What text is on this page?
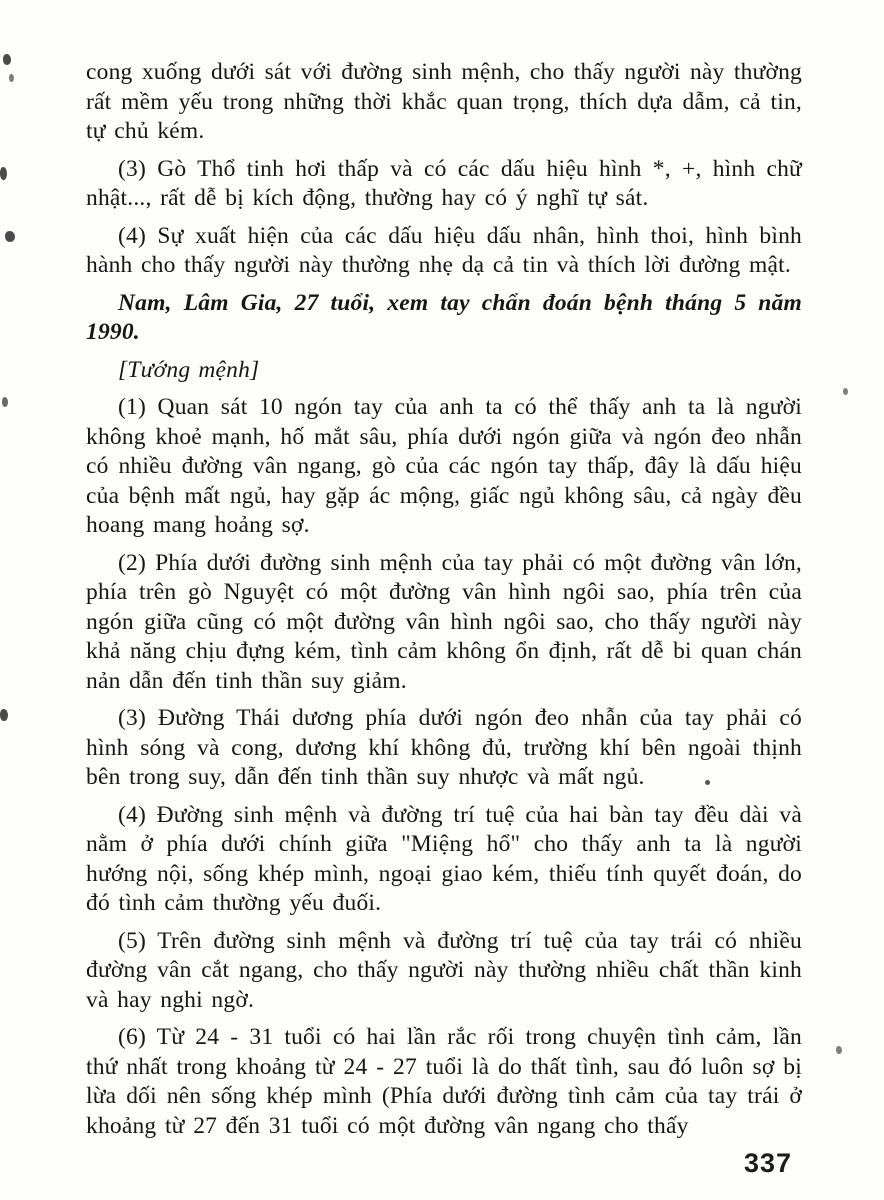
cong xuống dưới sát với đường sinh mệnh, cho thấy người này thường rất mềm yếu trong những thời khắc quan trọng, thích dựa dẫm, cả tin, tự chủ kém.

(3) Gò Thổ tinh hơi thấp và có các dấu hiệu hình *, +, hình chữ nhật..., rất dễ bị kích động, thường hay có ý nghĩ tự sát.

(4) Sự xuất hiện của các dấu hiệu dấu nhân, hình thoi, hình bình hành cho thấy người này thường nhẹ dạ cả tin và thích lời đường mật.

Nam, Lâm Gia, 27 tuổi, xem tay chẩn đoán bệnh tháng 5 năm 1990.

[Tướng mệnh]

(1) Quan sát 10 ngón tay của anh ta có thể thấy anh ta là người không khoẻ mạnh, hố mắt sâu, phía dưới ngón giữa và ngón đeo nhẫn có nhiều đường vân ngang, gò của các ngón tay thấp, đây là dấu hiệu của bệnh mất ngủ, hay gặp ác mộng, giấc ngủ không sâu, cả ngày đều hoang mang hoảng sợ.

(2) Phía dưới đường sinh mệnh của tay phải có một đường vân lớn, phía trên gò Nguyệt có một đường vân hình ngôi sao, phía trên của ngón giữa cũng có một đường vân hình ngôi sao, cho thấy người này khả năng chịu đựng kém, tình cảm không ổn định, rất dễ bi quan chán nản dẫn đến tinh thần suy giảm.

(3) Đường Thái dương phía dưới ngón đeo nhẫn của tay phải có hình sóng và cong, dương khí không đủ, trường khí bên ngoài thịnh bên trong suy, dẫn đến tinh thần suy nhược và mất ngủ.

(4) Đường sinh mệnh và đường trí tuệ của hai bàn tay đều dài và nằm ở phía dưới chính giữa "Miệng hổ" cho thấy anh ta là người hướng nội, sống khép mình, ngoại giao kém, thiếu tính quyết đoán, do đó tình cảm thường yếu đuối.

(5) Trên đường sinh mệnh và đường trí tuệ của tay trái có nhiều đường vân cắt ngang, cho thấy người này thường nhiều chất thần kinh và hay nghi ngờ.

(6) Từ 24 - 31 tuổi có hai lần rắc rối trong chuyện tình cảm, lần thứ nhất trong khoảng từ 24 - 27 tuổi là do thất tình, sau đó luôn sợ bị lừa dối nên sống khép mình (Phía dưới đường tình cảm của tay trái ở khoảng từ 27 đến 31 tuổi có một đường vân ngang cho thấy

337
